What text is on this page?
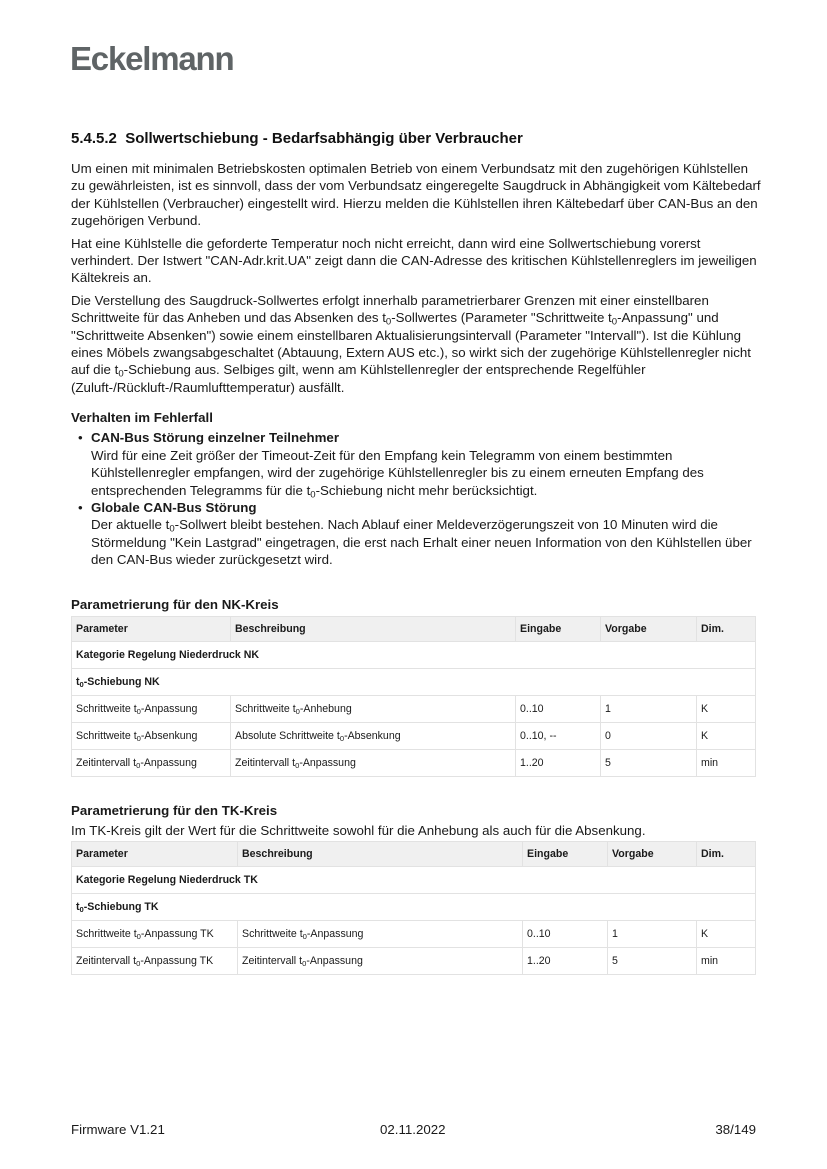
Eckelmann
5.4.5.2 Sollwertschiebung - Bedarfsabhängig über Verbraucher

Um einen mit minimalen Betriebskosten optimalen Betrieb von einem Verbundsatz mit den zugehörigen Kühlstellen zu gewährleisten, ist es sinnvoll, dass der vom Verbundsatz eingeregelte Saugdruck in Abhängigkeit vom Kältebedarf der Kühlstellen (Verbraucher) eingestellt wird. Hierzu melden die Kühlstellen ihren Kältebedarf über CAN-Bus an den zugehörigen Verbund.

Hat eine Kühlstelle die geforderte Temperatur noch nicht erreicht, dann wird eine Sollwertschiebung vorerst verhindert. Der Istwert "CAN-Adr.krit.UA" zeigt dann die CAN-Adresse des kritischen Kühlstellenreglers im jeweiligen Kältekreis an.

Die Verstellung des Saugdruck-Sollwertes erfolgt innerhalb parametrierbarer Grenzen mit einer einstellbaren Schrittweite für das Anheben und das Absenken des $t_0$-Sollwertes (Parameter "Schrittweite $t_0$-Anpassung" und "Schrittweite Absenken") sowie einem einstellbaren Aktualisierungsintervall (Parameter "Intervall"). Ist die Kühlung eines Möbels zwangsabgeschaltet (Abtauung, Extern AUS etc.), so wirkt sich der zugehörige Kühlstellenregler nicht auf die $t_0$-Schiebung aus. Selbiges gilt, wenn am Kühlstellenregler der entsprechende Regelfühler (Zuluft-/Rückluft-/Raumlufttemperatur) ausfällt.

Verhalten im Fehlerfall
• CAN-Bus Störung einzelner Teilnehmer
Wird für eine Zeit größer der Timeout-Zeit für den Empfang kein Telegramm von einem bestimmten Kühlstellenregler empfangen, wird der zugehörige Kühlstellenregler bis zu einem erneuten Empfang des entsprechenden Telegramms für die $t_0$-Schiebung nicht mehr berücksichtigt.
• Globale CAN-Bus Störung
Der aktuelle $t_0$-Sollwert bleibt bestehen. Nach Ablauf einer Meldeverzögerungszeit von 10 Minuten wird die Störmeldung "Kein Lastgrad" eingetragen, die erst nach Erhalt einer neuen Information von den Kühlstellen über den CAN-Bus wieder zurückgesetzt wird.
Parametrierung für den NK-Kreis
Parameter	Beschreibung	Eingabe	Vorgabe	Dim.
Kategorie Regelung Niederdruck NK				
$t_0$-Schiebung NK				
Schrittweite $t_0$-Anpassung	Schrittweite $t_0$-Anhebung	0..10	1	K
Schrittweite $t_0$-Absenkung	Absolute Schrittweite $t_0$-Absenkung	0..10, --	0	K
Zeitintervall $t_0$-Anpassung	Zeitintervall $t_0$-Anpassung	1..20	5	min
Parametrierung für den TK-Kreis

Im TK-Kreis gilt der Wert für die Schrittweite sowohl für die Anhebung als auch für die Absenkung.

Parameter	Beschreibung	Eingabe	Vorgabe	Dim.
Kategorie Regelung Niederdruck TK				
$t_0$-Schiebung TK				
Schrittweite $t_0$-Anpassung TK	Schrittweite $t_0$-Anpassung	0..10	1	K
Zeitintervall $t_0$-Anpassung TK	Zeitintervall $t_0$-Anpassung	1..20	5	min
Firmware V1.21	02.11.2022	38/149
